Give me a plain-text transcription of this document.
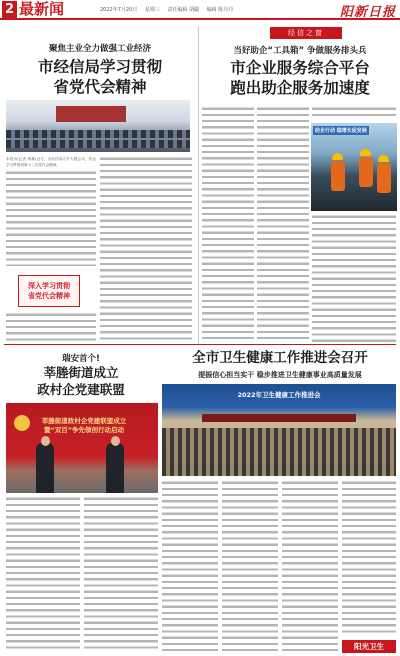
2 最新闻	2022年7月20日 星期三 责任编辑 胡疆 编辑 陈丹丹	阳新日报
聚焦主业全力做强工业经济
市经信局学习贯彻
省党代会精神
本报讯(记者 胡雄)近日，市经信局召开专题会议，传达学习贯彻省第十二次党代会精神。
深入学习贯彻
省党代会精神
经信之窗
当好助企“工具箱” 争做服务排头兵
市企业服务综合平台
跑出助企服务加速度
助企行动 稳增长促发展
瑞安首个!
莘塍街道成立
政村企党建联盟
莘塍街道政村企党建联盟成立
暨“双百”争先领创行动启动
全市卫生健康工作推进会召开
提振信心担当实干 稳步推进卫生健康事业高质量发展
2022年卫生健康工作推进会
阳光卫生
